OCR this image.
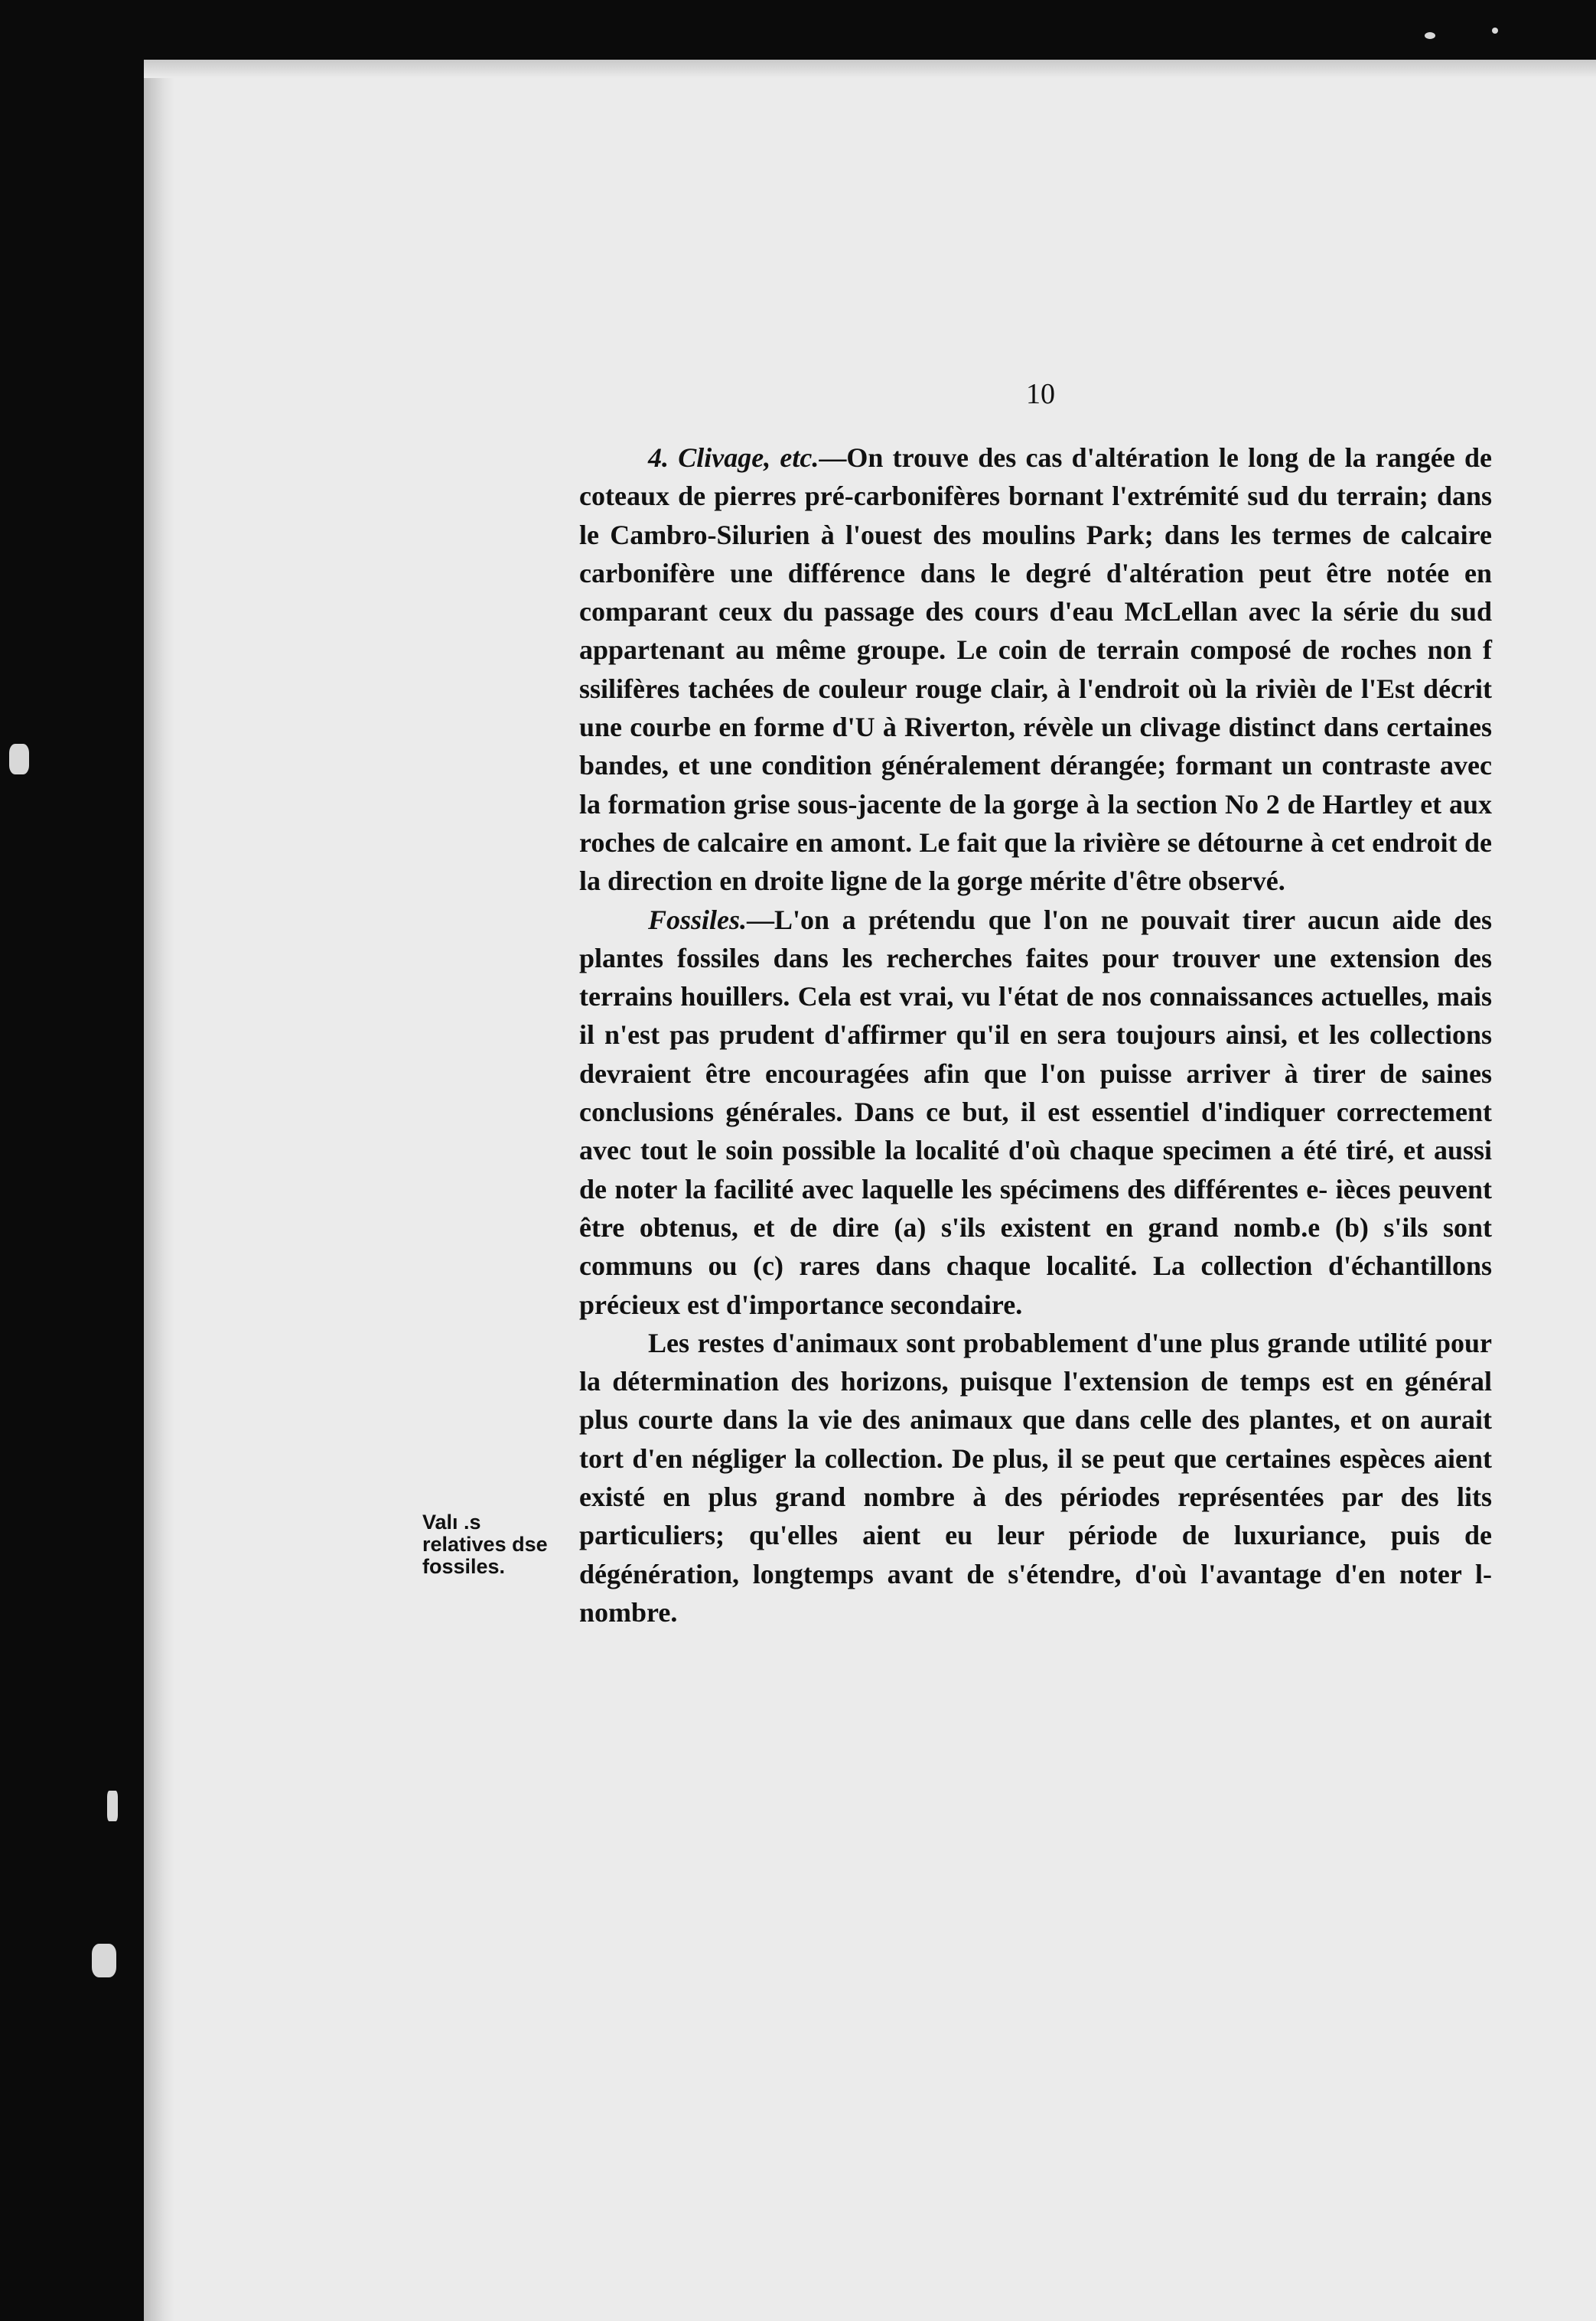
10

4. Clivage, etc.—On trouve des cas d'altération le long de la rangée de coteaux de pierres pré-carbonifères bornant l'extrémité sud du terrain; dans le Cambro-Silurien à l'ouest des moulins Park; dans les termes de calcaire carbonifère une différence dans le degré d'altération peut être notée en comparant ceux du passage des cours d'eau McLellan avec la série du sud appartenant au même groupe. Le coin de terrain composé de roches non f ssilifères tachées de couleur rouge clair, à l'endroit où la rivièı de l'Est décrit une courbe en forme d'U à Riverton, révèle un clivage distinct dans certaines bandes, et une condition généralement dérangée; formant un contraste avec la formation grise sous-jacente de la gorge à la section No 2 de Hartley et aux roches de calcaire en amont. Le fait que la rivière se détourne à cet endroit de la direction en droite ligne de la gorge mérite d'être observé.

Fossiles.—L'on a prétendu que l'on ne pouvait tirer aucun aide des plantes fossiles dans les recherches faites pour trouver une extension des terrains houillers. Cela est vrai, vu l'état de nos connaissances actuelles, mais il n'est pas prudent d'affirmer qu'il en sera toujours ainsi, et les collections devraient être encouragées afin que l'on puisse arriver à tirer de saines conclusions générales. Dans ce but, il est essentiel d'indiquer correctement avec tout le soin possible la localité d'où chaque specimen a été tiré, et aussi de noter la facilité avec laquelle les spécimens des différentes e- ièces peuvent être obtenus, et de dire (a) s'ils existent en grand nomb.e (b) s'ils sont communs ou (c) rares dans chaque localité. La collection d'échantillons précieux est d'importance secondaire.

Les restes d'animaux sont probablement d'une plus grande utilité pour la détermination des horizons, puisque l'extension de temps est en général plus courte dans la vie des animaux que dans celle des plantes, et on aurait tort d'en négliger la collection. De plus, il se peut que certaines espèces aient existé en plus grand nombre à des périodes représentées par des lits particuliers; qu'elles aient eu leur période de luxuriance, puis de dégénération, longtemps avant de s'étendre, d'où l'avantage d'en noter l- nombre.

Valı .s
relatives dse
fossiles.
